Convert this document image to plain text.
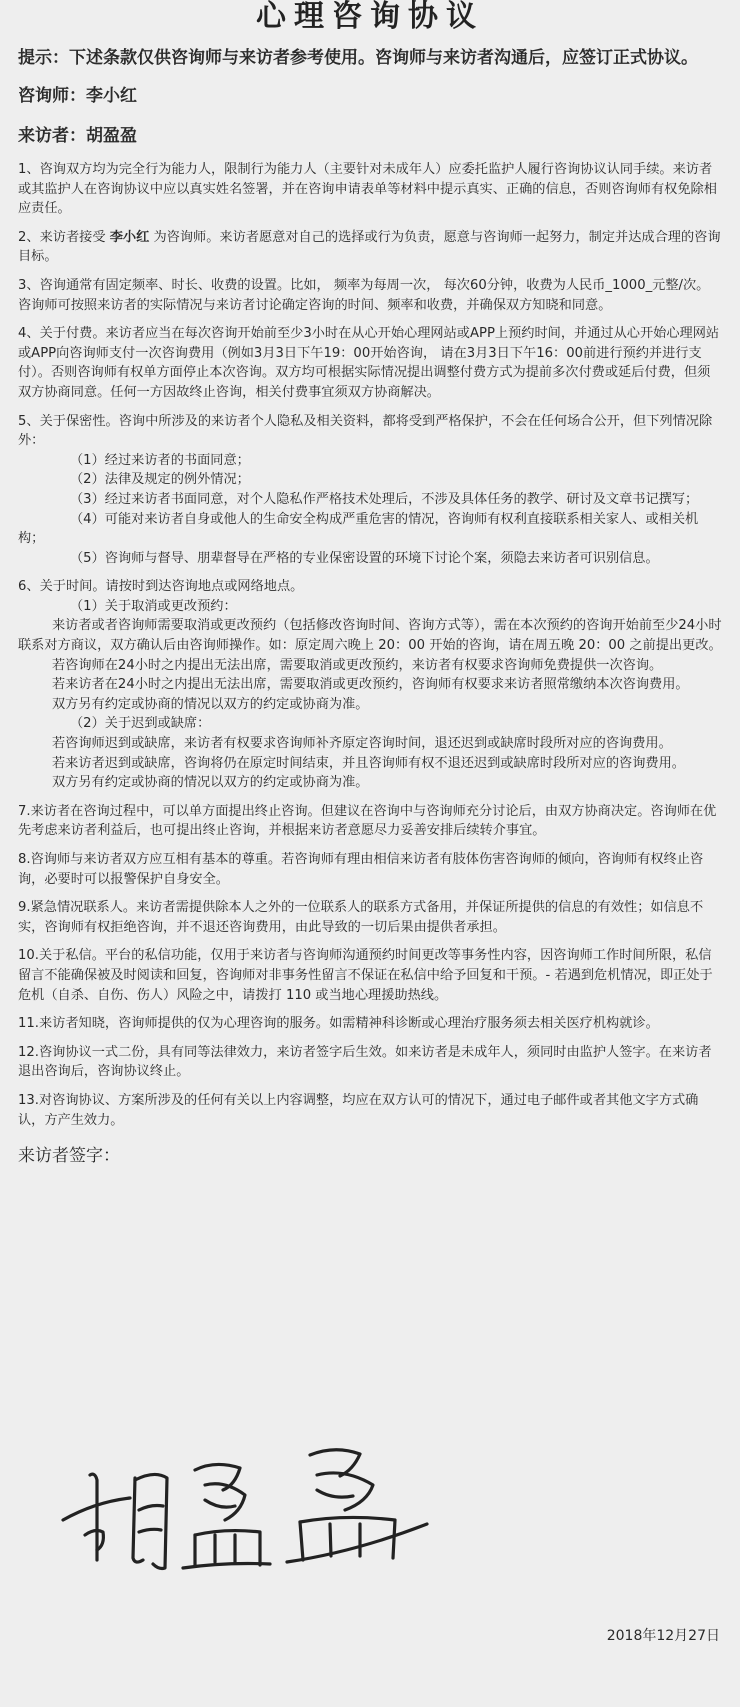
心理咨询协议

提示：下述条款仅供咨询师与来访者参考使用。咨询师与来访者沟通后，应签订正式协议。

咨询师：李小红

来访者：胡盈盈

1、咨询双方均为完全行为能力人，限制行为能力人（主要针对未成年人）应委托监护人履行咨询协议认同手续。来访者或其监护人在咨询协议中应以真实姓名签署，并在咨询申请表单等材料中提示真实、正确的信息，否则咨询师有权免除相应责任。

2、来访者接受 李小红 为咨询师。来访者愿意对自己的选择或行为负责，愿意与咨询师一起努力，制定并达成合理的咨询目标。

3、咨询通常有固定频率、时长、收费的设置。比如， 频率为每周一次， 每次60分钟，收费为人民币_1000_元整/次。咨询师可按照来访者的实际情况与来访者讨论确定咨询的时间、频率和收费，并确保双方知晓和同意。

4、关于付费。来访者应当在每次咨询开始前至少3小时在从心开始心理网站或APP上预约时间，并通过从心开始心理网站或APP向咨询师支付一次咨询费用（例如3月3日下午19：00开始咨询， 请在3月3日下午16：00前进行预约并进行支付）。否则咨询师有权单方面停止本次咨询。双方均可根据实际情况提出调整付费方式为提前多次付费或延后付费，但须双方协商同意。任何一方因故终止咨询，相关付费事宜须双方协商解决。

5、关于保密性。咨询中所涉及的来访者个人隐私及相关资料，都将受到严格保护，不会在任何场合公开，但下列情况除外：

（1）经过来访者的书面同意；

（2）法律及规定的例外情况；

（3）经过来访者书面同意，对个人隐私作严格技术处理后，不涉及具体任务的教学、研讨及文章书记撰写；

（4）可能对来访者自身或他人的生命安全构成严重危害的情况，咨询师有权利直接联系相关家人、或相关机构；

（5）咨询师与督导、朋辈督导在严格的专业保密设置的环境下讨论个案，须隐去来访者可识别信息。

6、关于时间。请按时到达咨询地点或网络地点。

（1）关于取消或更改预约：

来访者或者咨询师需要取消或更改预约（包括修改咨询时间、咨询方式等），需在本次预约的咨询开始前至少24小时联系对方商议，双方确认后由咨询师操作。如：原定周六晚上 20：00 开始的咨询，请在周五晚 20：00 之前提出更改。

若咨询师在24小时之内提出无法出席，需要取消或更改预约，来访者有权要求咨询师免费提供一次咨询。

若来访者在24小时之内提出无法出席，需要取消或更改预约，咨询师有权要求来访者照常缴纳本次咨询费用。

双方另有约定或协商的情况以双方的约定或协商为准。

（2）关于迟到或缺席：

若咨询师迟到或缺席，来访者有权要求咨询师补齐原定咨询时间，退还迟到或缺席时段所对应的咨询费用。

若来访者迟到或缺席，咨询将仍在原定时间结束，并且咨询师有权不退还迟到或缺席时段所对应的咨询费用。

双方另有约定或协商的情况以双方的约定或协商为准。

7.来访者在咨询过程中，可以单方面提出终止咨询。但建议在咨询中与咨询师充分讨论后，由双方协商决定。咨询师在优先考虑来访者利益后，也可提出终止咨询，并根据来访者意愿尽力妥善安排后续转介事宜。

8.咨询师与来访者双方应互相有基本的尊重。若咨询师有理由相信来访者有肢体伤害咨询师的倾向，咨询师有权终止咨询，必要时可以报警保护自身安全。

9.紧急情况联系人。来访者需提供除本人之外的一位联系人的联系方式备用，并保证所提供的信息的有效性；如信息不实，咨询师有权拒绝咨询，并不退还咨询费用，由此导致的一切后果由提供者承担。

10.关于私信。平台的私信功能，仅用于来访者与咨询师沟通预约时间更改等事务性内容，因咨询师工作时间所限，私信留言不能确保被及时阅读和回复，咨询师对非事务性留言不保证在私信中给予回复和干预。- 若遇到危机情况，即正处于危机（自杀、自伤、伤人）风险之中，请拨打 110 或当地心理援助热线。

11.来访者知晓，咨询师提供的仅为心理咨询的服务。如需精神科诊断或心理治疗服务须去相关医疗机构就诊。

12.咨询协议一式二份，具有同等法律效力，来访者签字后生效。如来访者是未成年人，须同时由监护人签字。在来访者退出咨询后，咨询协议终止。

13.对咨询协议、方案所涉及的任何有关以上内容调整，均应在双方认可的情况下，通过电子邮件或者其他文字方式确认，方产生效力。

来访者签字：
2018年12月27日
